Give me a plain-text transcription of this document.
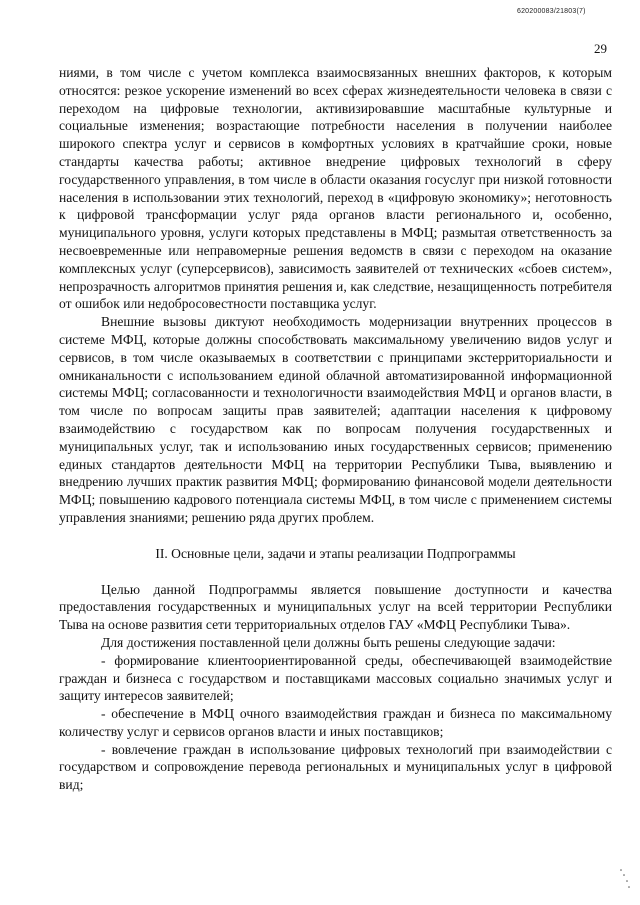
620200083/21803(7)
29

ниями, в том числе с учетом комплекса взаимосвязанных внешних факторов, к которым относятся: резкое ускорение изменений во всех сферах жизнедеятельности человека в связи с переходом на цифровые технологии, активизировавшие масштабные культурные и социальные изменения; возрастающие потребности населения в получении наиболее широкого спектра услуг и сервисов в комфортных условиях в кратчайшие сроки, новые стандарты качества работы; активное внедрение цифровых технологий в сферу государственного управления, в том числе в области оказания госуслуг при низкой готовности населения в использовании этих технологий, переход в «цифровую экономику»; неготовность к цифровой трансформации услуг ряда органов власти регионального и, особенно, муниципального уровня, услуги которых представлены в МФЦ; размытая ответственность за несвоевременные или неправомерные решения ведомств в связи с переходом на оказание комплексных услуг (суперсервисов), зависимость заявителей от технических «сбоев систем», непрозрачность алгоритмов принятия решения и, как следствие, незащищенность потребителя от ошибок или недобросовестности поставщика услуг.

Внешние вызовы диктуют необходимость модернизации внутренних процессов в системе МФЦ, которые должны способствовать максимальному увеличению видов услуг и сервисов, в том числе оказываемых в соответствии с принципами экстерриториальности и омниканальности с использованием единой облачной автоматизированной информационной системы МФЦ; согласованности и технологичности взаимодействия МФЦ и органов власти, в том числе по вопросам защиты прав заявителей; адаптации населения к цифровому взаимодействию с государством как по вопросам получения государственных и муниципальных услуг, так и использованию иных государственных сервисов; применению единых стандартов деятельности МФЦ на территории Республики Тыва, выявлению и внедрению лучших практик развития МФЦ; формированию финансовой модели деятельности МФЦ; повышению кадрового потенциала системы МФЦ, в том числе с применением системы управления знаниями; решению ряда других проблем.

II. Основные цели, задачи и этапы реализации Подпрограммы

Целью данной Подпрограммы является повышение доступности и качества предоставления государственных и муниципальных услуг на всей территории Республики Тыва на основе развития сети территориальных отделов ГАУ «МФЦ Республики Тыва».

Для достижения поставленной цели должны быть решены следующие задачи:

- формирование клиентоориентированной среды, обеспечивающей взаимодействие граждан и бизнеса с государством и поставщиками массовых социально значимых услуг и защиту интересов заявителей;

- обеспечение в МФЦ очного взаимодействия граждан и бизнеса по максимальному количеству услуг и сервисов органов власти и иных поставщиков;

- вовлечение граждан в использование цифровых технологий при взаимодействии с государством и сопровождение перевода региональных и муниципальных услуг в цифровой вид;
